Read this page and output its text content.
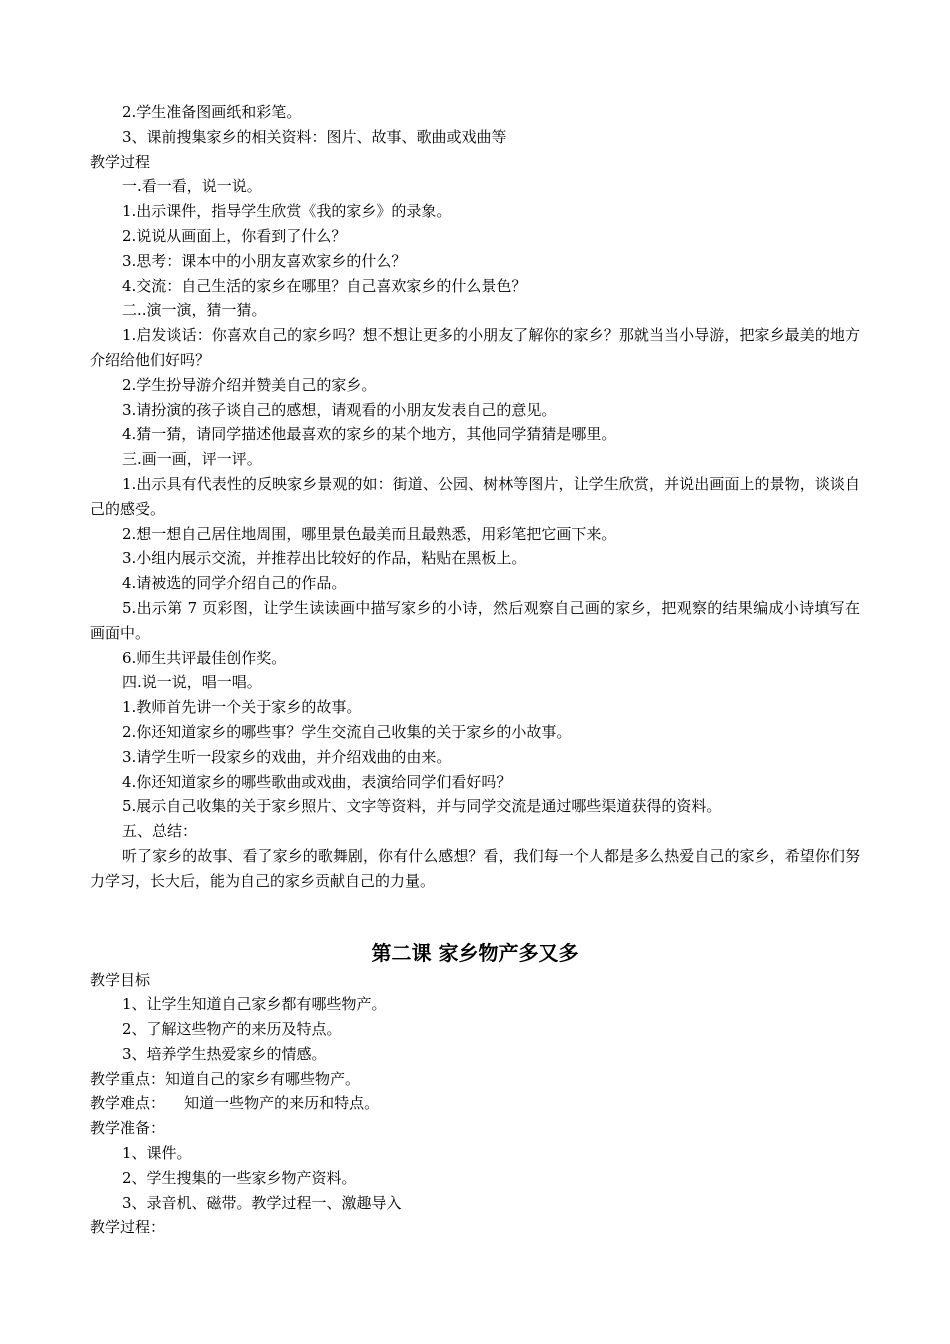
2.学生准备图画纸和彩笔。

3、课前搜集家乡的相关资料：图片、故事、歌曲或戏曲等

教学过程

一.看一看，说一说。

1.出示课件，指导学生欣赏《我的家乡》的录象。

2.说说从画面上，你看到了什么？

3.思考：课本中的小朋友喜欢家乡的什么？

4.交流：自己生活的家乡在哪里？自己喜欢家乡的什么景色？

二..演一演，猜一猜。

1.启发谈话：你喜欢自己的家乡吗？想不想让更多的小朋友了解你的家乡？那就当当小导游，把家乡最美的地方介绍给他们好吗？

2.学生扮导游介绍并赞美自己的家乡。

3.请扮演的孩子谈自己的感想，请观看的小朋友发表自己的意见。

4.猜一猜，请同学描述他最喜欢的家乡的某个地方，其他同学猜猜是哪里。

三.画一画，评一评。

1.出示具有代表性的反映家乡景观的如：街道、公园、树林等图片，让学生欣赏，并说出画面上的景物，谈谈自己的感受。

2.想一想自己居住地周围，哪里景色最美而且最熟悉，用彩笔把它画下来。

3.小组内展示交流，并推荐出比较好的作品，粘贴在黑板上。

4.请被选的同学介绍自己的作品。

5.出示第 7 页彩图，让学生读读画中描写家乡的小诗，然后观察自己画的家乡，把观察的结果编成小诗填写在画面中。

6.师生共评最佳创作奖。

四.说一说，唱一唱。

1.教师首先讲一个关于家乡的故事。

2.你还知道家乡的哪些事？学生交流自己收集的关于家乡的小故事。

3.请学生听一段家乡的戏曲，并介绍戏曲的由来。

4.你还知道家乡的哪些歌曲或戏曲，表演给同学们看好吗？

5.展示自己收集的关于家乡照片、文字等资料，并与同学交流是通过哪些渠道获得的资料。

五、总结：

听了家乡的故事、看了家乡的歌舞剧，你有什么感想？看，我们每一个人都是多么热爱自己的家乡，希望你们努力学习，长大后，能为自己的家乡贡献自己的力量。

第二课 家乡物产多又多

教学目标

1、让学生知道自己家乡都有哪些物产。

2、了解这些物产的来历及特点。

3、培养学生热爱家乡的情感。

教学重点：知道自己的家乡有哪些物产。

教学难点：    知道一些物产的来历和特点。

教学准备：

1、课件。

2、学生搜集的一些家乡物产资料。

3、录音机、磁带。教学过程一、激趣导入

教学过程：
